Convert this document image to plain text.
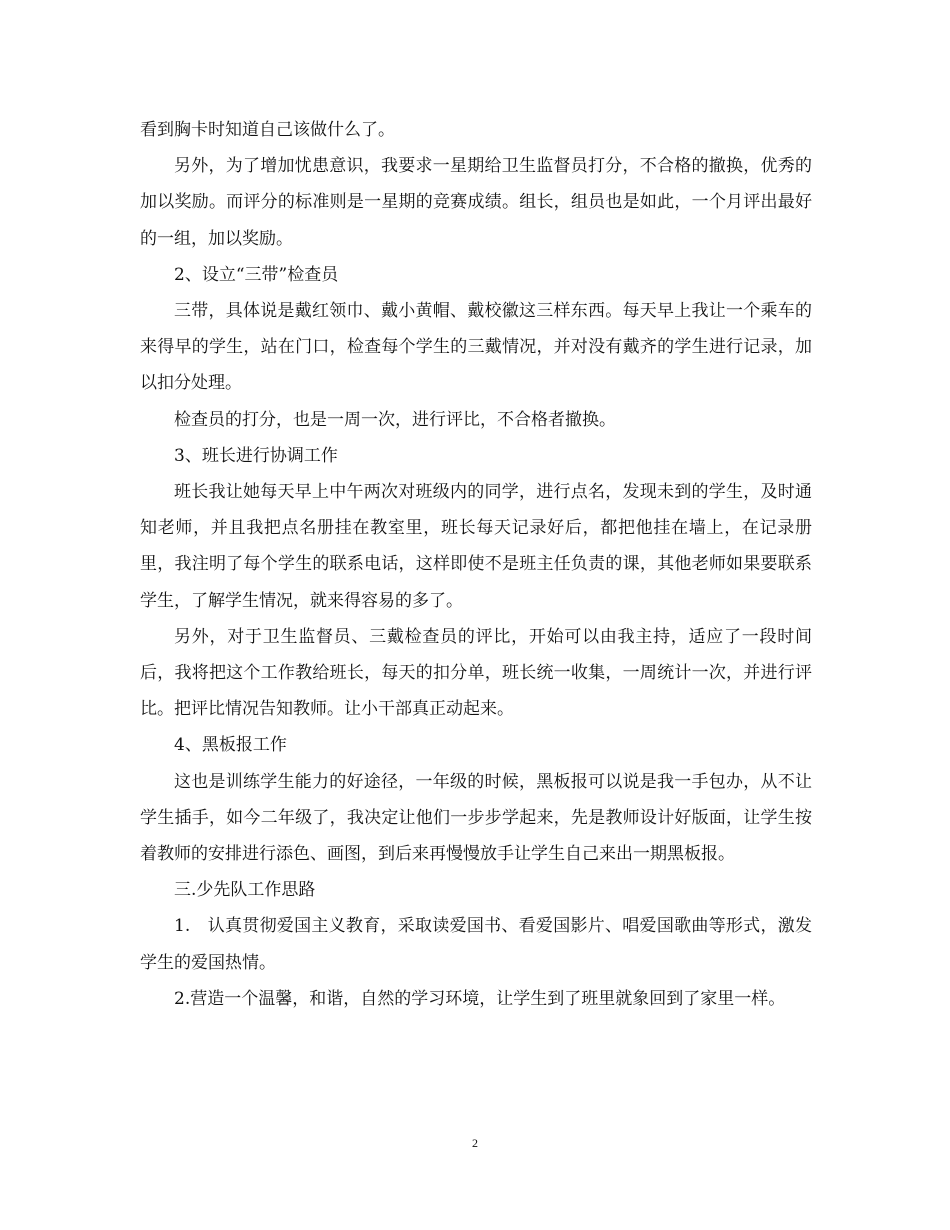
看到胸卡时知道自己该做什么了。

另外，为了增加忧患意识，我要求一星期给卫生监督员打分，不合格的撤换，优秀的加以奖励。而评分的标准则是一星期的竞赛成绩。组长，组员也是如此，一个月评出最好的一组，加以奖励。

2、设立“三带”检查员

三带，具体说是戴红领巾、戴小黄帽、戴校徽这三样东西。每天早上我让一个乘车的来得早的学生，站在门口，检查每个学生的三戴情况，并对没有戴齐的学生进行记录，加以扣分处理。

检查员的打分，也是一周一次，进行评比，不合格者撤换。

3、班长进行协调工作

班长我让她每天早上中午两次对班级内的同学，进行点名，发现未到的学生，及时通知老师，并且我把点名册挂在教室里，班长每天记录好后，都把他挂在墙上，在记录册里，我注明了每个学生的联系电话，这样即使不是班主任负责的课，其他老师如果要联系学生，了解学生情况，就来得容易的多了。

另外，对于卫生监督员、三戴检查员的评比，开始可以由我主持，适应了一段时间后，我将把这个工作教给班长，每天的扣分单，班长统一收集，一周统计一次，并进行评比。把评比情况告知教师。让小干部真正动起来。

4、黑板报工作

这也是训练学生能力的好途径，一年级的时候，黑板报可以说是我一手包办，从不让学生插手，如今二年级了，我决定让他们一步步学起来，先是教师设计好版面，让学生按着教师的安排进行添色、画图，到后来再慢慢放手让学生自己来出一期黑板报。

三.少先队工作思路

1.　认真贯彻爱国主义教育，采取读爱国书、看爱国影片、唱爱国歌曲等形式，激发学生的爱国热情。

2.营造一个温馨，和谐，自然的学习环境，让学生到了班里就象回到了家里一样。

2
